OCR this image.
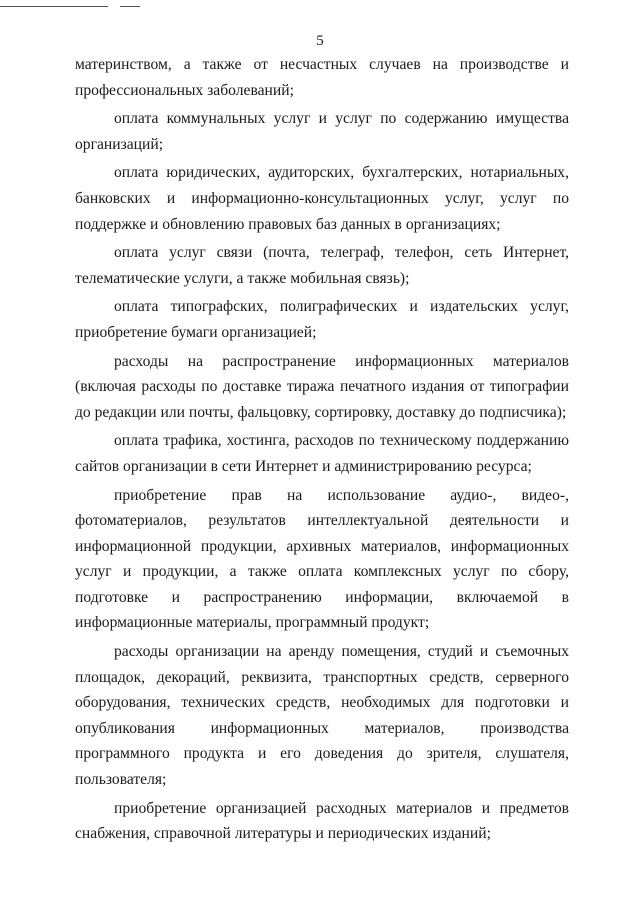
5

материнством, а также от несчастных случаев на производстве и профессиональных заболеваний;

оплата коммунальных услуг и услуг по содержанию имущества организаций;

оплата юридических, аудиторских, бухгалтерских, нотариальных, банковских и информационно-консультационных услуг, услуг по поддержке и обновлению правовых баз данных в организациях;

оплата услуг связи (почта, телеграф, телефон, сеть Интернет, телематические услуги, а также мобильная связь);

оплата типографских, полиграфических и издательских услуг, приобретение бумаги организацией;

расходы на распространение информационных материалов (включая расходы по доставке тиража печатного издания от типографии до редакции или почты, фальцовку, сортировку, доставку до подписчика);

оплата трафика, хостинга, расходов по техническому поддержанию сайтов организации в сети Интернет и администрированию ресурса;

приобретение прав на использование аудио-, видео-, фотоматериалов, результатов интеллектуальной деятельности и информационной продукции, архивных материалов, информационных услуг и продукции, а также оплата комплексных услуг по сбору, подготовке и распространению информации, включаемой в информационные материалы, программный продукт;

расходы организации на аренду помещения, студий и съемочных площадок, декораций, реквизита, транспортных средств, серверного оборудования, технических средств, необходимых для подготовки и опубликования информационных материалов, производства программного продукта и его доведения до зрителя, слушателя, пользователя;

приобретение организацией расходных материалов и предметов снабжения, справочной литературы и периодических изданий;
